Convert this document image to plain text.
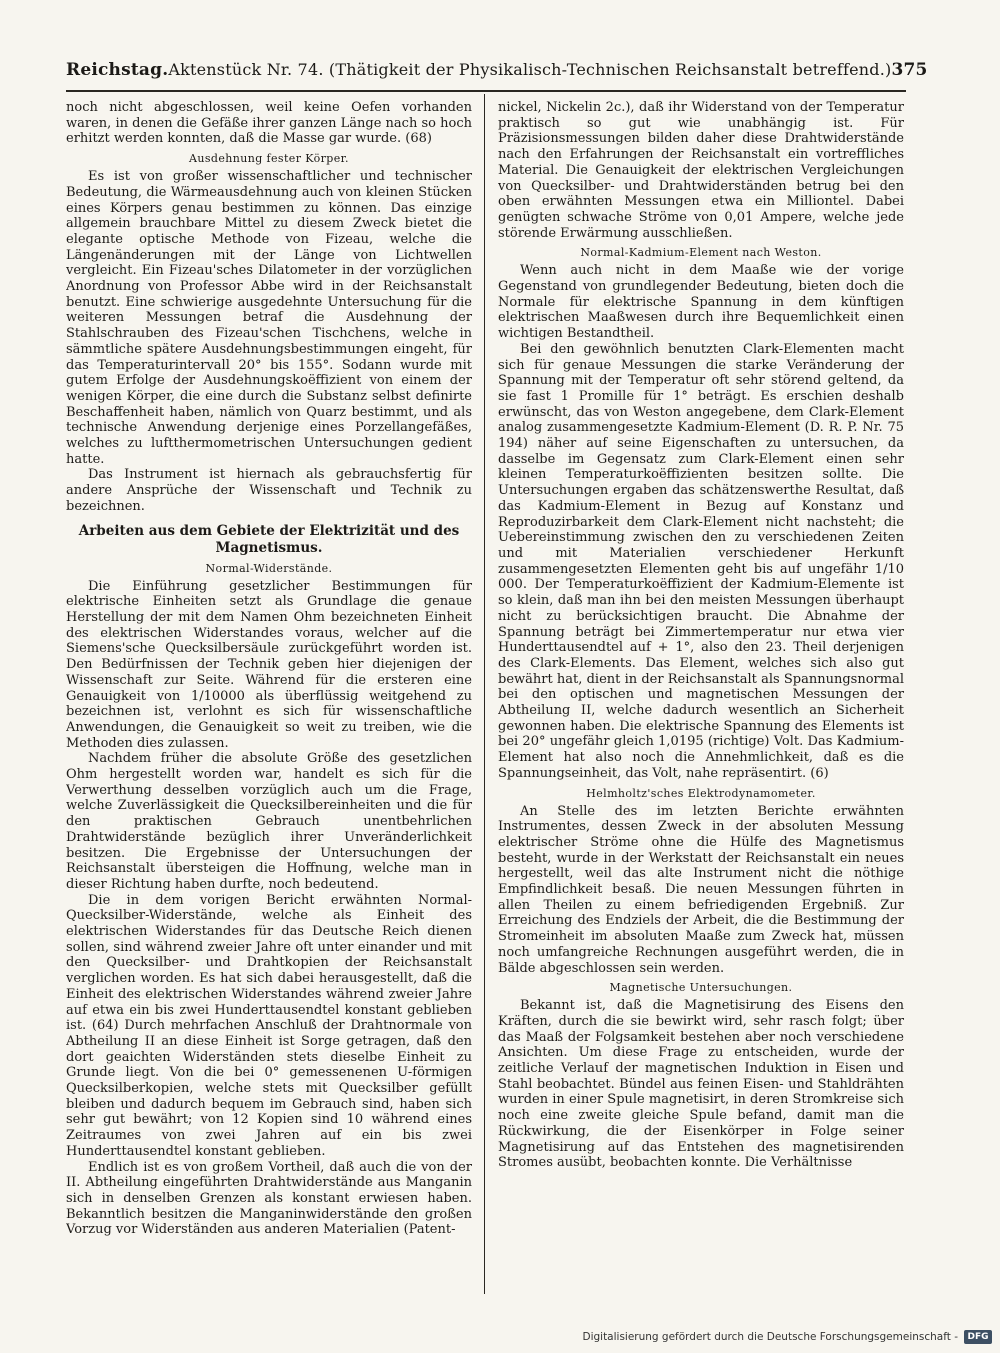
Reichstag. Aktenstück Nr. 74. (Thätigkeit der Physikalisch-Technischen Reichsanstalt betreffend.) 375

noch nicht abgeschlossen, weil keine Oefen vorhanden waren, in denen die Gefäße ihrer ganzen Länge nach so hoch erhitzt werden konnten, daß die Masse gar wurde. (68)

Ausdehnung fester Körper.

Es ist von großer wissenschaftlicher und technischer Bedeutung, die Wärmeausdehnung auch von kleinen Stücken eines Körpers genau bestimmen zu können. Das einzige allgemein brauchbare Mittel zu diesem Zweck bietet die elegante optische Methode von Fizeau, welche die Längenänderungen mit der Länge von Lichtwellen vergleicht. Ein Fizeau'sches Dilatometer in der vorzüglichen Anordnung von Professor Abbe wird in der Reichsanstalt benutzt. Eine schwierige ausgedehnte Untersuchung für die weiteren Messungen betraf die Ausdehnung der Stahlschrauben des Fizeau'schen Tischchens, welche in sämmtliche spätere Ausdehnungsbestimmungen eingeht, für das Temperaturintervall 20° bis 155°. Sodann wurde mit gutem Erfolge der Ausdehnungskoëffizient von einem der wenigen Körper, die eine durch die Substanz selbst definirte Beschaffenheit haben, nämlich von Quarz bestimmt, und als technische Anwendung derjenige eines Porzellangefäßes, welches zu luftthermometrischen Untersuchungen gedient hatte.

Das Instrument ist hiernach als gebrauchsfertig für andere Ansprüche der Wissenschaft und Technik zu bezeichnen.

Arbeiten aus dem Gebiete der Elektrizität und des Magnetismus.
Normal-Widerstände.

Die Einführung gesetzlicher Bestimmungen für elektrische Einheiten setzt als Grundlage die genaue Herstellung der mit dem Namen Ohm bezeichneten Einheit des elektrischen Widerstandes voraus, welcher auf die Siemens'sche Quecksilbersäule zurückgeführt worden ist. Den Bedürfnissen der Technik geben hier diejenigen der Wissenschaft zur Seite. Während für die ersteren eine Genauigkeit von 1/10000 als überflüssig weitgehend zu bezeichnen ist, verlohnt es sich für wissenschaftliche Anwendungen, die Genauigkeit so weit zu treiben, wie die Methoden dies zulassen.

Nachdem früher die absolute Größe des gesetzlichen Ohm hergestellt worden war, handelt es sich für die Verwerthung desselben vorzüglich auch um die Frage, welche Zuverlässigkeit die Quecksilbereinheiten und die für den praktischen Gebrauch unentbehrlichen Drahtwiderstände bezüglich ihrer Unveränderlichkeit besitzen. Die Ergebnisse der Untersuchungen der Reichsanstalt übersteigen die Hoffnung, welche man in dieser Richtung haben durfte, noch bedeutend.

Die in dem vorigen Bericht erwähnten Normal-Quecksilber-Widerstände, welche als Einheit des elektrischen Widerstandes für das Deutsche Reich dienen sollen, sind während zweier Jahre oft unter einander und mit den Quecksilber- und Drahtkopien der Reichsanstalt verglichen worden. Es hat sich dabei herausgestellt, daß die Einheit des elektrischen Widerstandes während zweier Jahre auf etwa ein bis zwei Hunderttausendtel konstant geblieben ist. (64) Durch mehrfachen Anschluß der Drahtnormale von Abtheilung II an diese Einheit ist Sorge getragen, daß den dort geaichten Widerständen stets dieselbe Einheit zu Grunde liegt. Von die bei 0° gemessenenen U-förmigen Quecksilberkopien, welche stets mit Quecksilber gefüllt bleiben und dadurch bequem im Gebrauch sind, haben sich sehr gut bewährt; von 12 Kopien sind 10 während eines Zeitraumes von zwei Jahren auf ein bis zwei Hunderttausendtel konstant geblieben.

Endlich ist es von großem Vortheil, daß auch die von der II. Abtheilung eingeführten Drahtwiderstände aus Manganin sich in denselben Grenzen als konstant erwiesen haben. Bekanntlich besitzen die Manganinwiderstände den großen Vorzug vor Widerständen aus anderen Materialien (Patent-

nickel, Nickelin 2c.), daß ihr Widerstand von der Temperatur praktisch so gut wie unabhängig ist. Für Präzisionsmessungen bilden daher diese Drahtwiderstände nach den Erfahrungen der Reichsanstalt ein vortreffliches Material. Die Genauigkeit der elektrischen Vergleichungen von Quecksilber- und Drahtwiderständen betrug bei den oben erwähnten Messungen etwa ein Milliontel. Dabei genügten schwache Ströme von 0,01 Ampere, welche jede störende Erwärmung ausschließen.

Normal-Kadmium-Element nach Weston.

Wenn auch nicht in dem Maaße wie der vorige Gegenstand von grundlegender Bedeutung, bieten doch die Normale für elektrische Spannung in dem künftigen elektrischen Maaßwesen durch ihre Bequemlichkeit einen wichtigen Bestandtheil.

Bei den gewöhnlich benutzten Clark-Elementen macht sich für genaue Messungen die starke Veränderung der Spannung mit der Temperatur oft sehr störend geltend, da sie fast 1 Promille für 1° beträgt. Es erschien deshalb erwünscht, das von Weston angegebene, dem Clark-Element analog zusammengesetzte Kadmium-Element (D. R. P. Nr. 75 194) näher auf seine Eigenschaften zu untersuchen, da dasselbe im Gegensatz zum Clark-Element einen sehr kleinen Temperaturkoëffizienten besitzen sollte. Die Untersuchungen ergaben das schätzenswerthe Resultat, daß das Kadmium-Element in Bezug auf Konstanz und Reproduzirbarkeit dem Clark-Element nicht nachsteht; die Uebereinstimmung zwischen den zu verschiedenen Zeiten und mit Materialien verschiedener Herkunft zusammengesetzten Elementen geht bis auf ungefähr 1/10 000. Der Temperaturkoëffizient der Kadmium-Elemente ist so klein, daß man ihn bei den meisten Messungen überhaupt nicht zu berücksichtigen braucht. Die Abnahme der Spannung beträgt bei Zimmertemperatur nur etwa vier Hunderttausendtel auf + 1°, also den 23. Theil derjenigen des Clark-Elements. Das Element, welches sich also gut bewährt hat, dient in der Reichsanstalt als Spannungsnormal bei den optischen und magnetischen Messungen der Abtheilung II, welche dadurch wesentlich an Sicherheit gewonnen haben. Die elektrische Spannung des Elements ist bei 20° ungefähr gleich 1,0195 (richtige) Volt. Das Kadmium-Element hat also noch die Annehmlichkeit, daß es die Spannungseinheit, das Volt, nahe repräsentirt. (6)

Helmholtz'sches Elektrodynamometer.

An Stelle des im letzten Berichte erwähnten Instrumentes, dessen Zweck in der absoluten Messung elektrischer Ströme ohne die Hülfe des Magnetismus besteht, wurde in der Werkstatt der Reichsanstalt ein neues hergestellt, weil das alte Instrument nicht die nöthige Empfindlichkeit besaß. Die neuen Messungen führten in allen Theilen zu einem befriedigenden Ergebniß. Zur Erreichung des Endziels der Arbeit, die die Bestimmung der Stromeinheit im absoluten Maaße zum Zweck hat, müssen noch umfangreiche Rechnungen ausgeführt werden, die in Bälde abgeschlossen sein werden.

Magnetische Untersuchungen.

Bekannt ist, daß die Magnetisirung des Eisens den Kräften, durch die sie bewirkt wird, sehr rasch folgt; über das Maaß der Folgsamkeit bestehen aber noch verschiedene Ansichten. Um diese Frage zu entscheiden, wurde der zeitliche Verlauf der magnetischen Induktion in Eisen und Stahl beobachtet. Bündel aus feinen Eisen- und Stahldrähten wurden in einer Spule magnetisirt, in deren Stromkreise sich noch eine zweite gleiche Spule befand, damit man die Rückwirkung, die der Eisenkörper in Folge seiner Magnetisirung auf das Entstehen des magnetisirenden Stromes ausübt, beobachten konnte. Die Verhältnisse

Digitalisierung gefördert durch die Deutsche Forschungsgemeinschaft -	DFG
